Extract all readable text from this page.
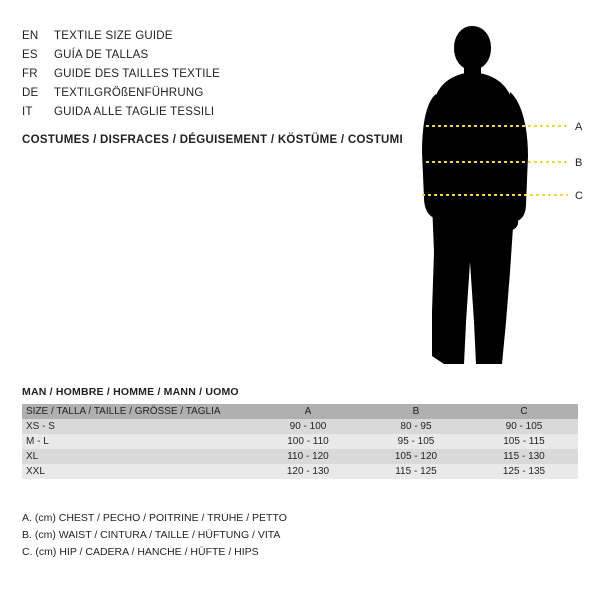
EN	TEXTILE SIZE GUIDE
ES	GUÍA DE TALLAS
FR	GUIDE DES TAILLES TEXTILE
DE	TEXTILGRÖßENFÜHRUNG
IT	GUIDA ALLE TAGLIE TESSILI
COSTUMES / DISFRACES / DÉGUISEMENT / KÖSTÜME / COSTUMI
A
B
C
MAN / HOMBRE / HOMME / MANN / UOMO
SIZE / TALLA / TAILLE / GRÖSSE / TAGLIA	A	B	C
XS - S	90 - 100	80 - 95	90 - 105
M - L	100 - 110	95 - 105	105 - 115
XL	110 - 120	105 - 120	115 - 130
XXL	120 - 130	115 - 125	125 - 135
A. (cm) CHEST / PECHO / POITRINE / TRUHE / PETTO
B. (cm) WAIST / CINTURA / TAILLE / HÜFTUNG / VITA
C. (cm) HIP / CADERA / HANCHE / HÜFTE / HIPS
